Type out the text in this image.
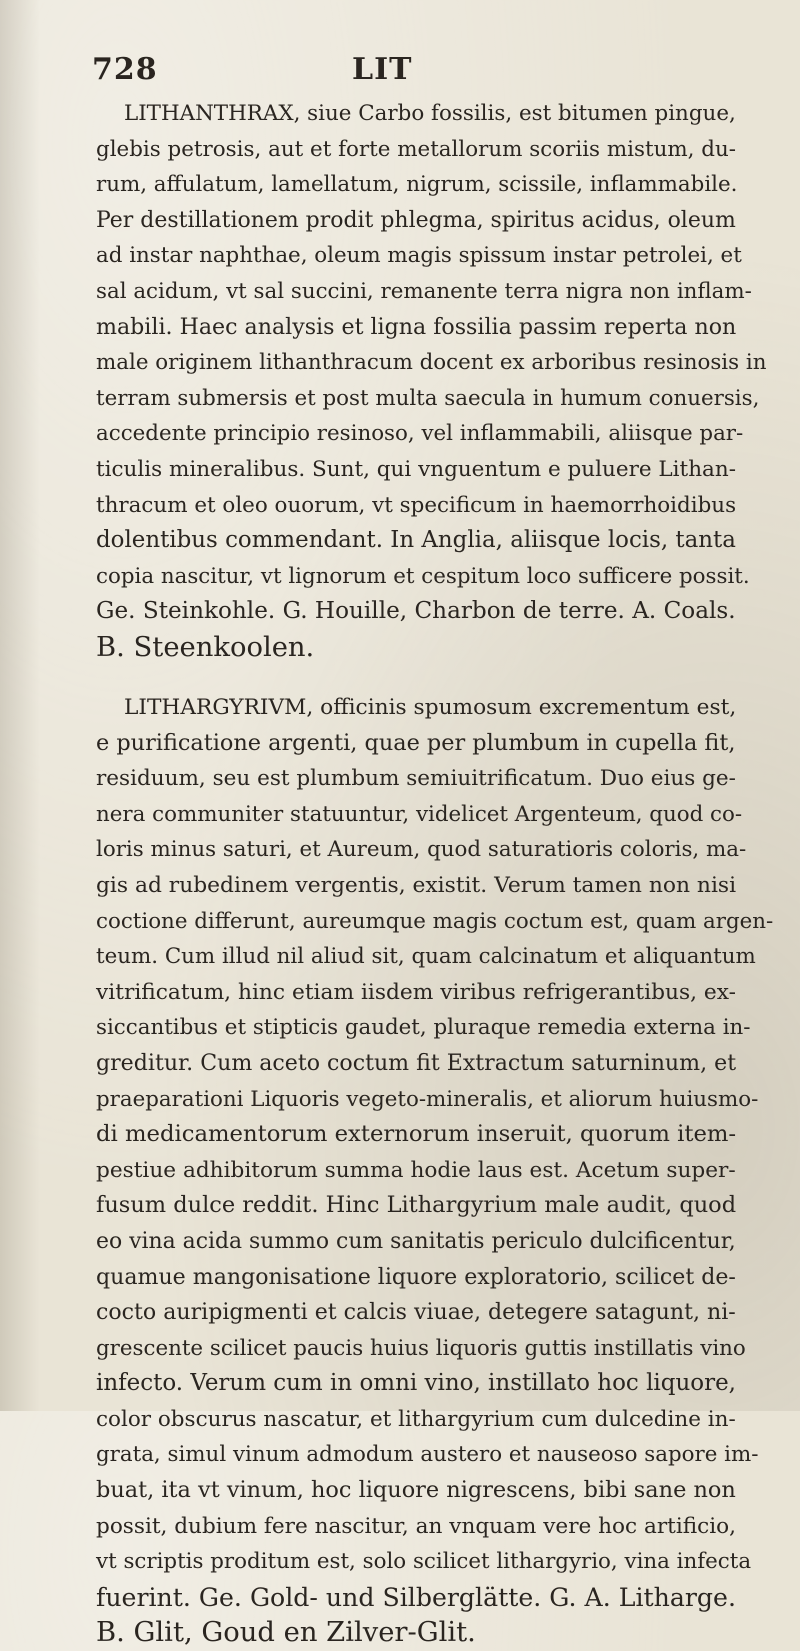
728	LIT
LITHANTHRAX, siue Carbo fossilis, est bitumen pingue,
glebis petrosis, aut et forte metallorum scoriis mistum, du-
rum, affulatum, lamellatum, nigrum, scissile, inflammabile.
Per destillationem prodit phlegma, spiritus acidus, oleum
ad instar naphthae, oleum magis spissum instar petrolei, et
sal acidum, vt sal succini, remanente terra nigra non inflam-
mabili. Haec analysis et ligna fossilia passim reperta non
male originem lithanthracum docent ex arboribus resinosis in
terram submersis et post multa saecula in humum conuersis,
accedente principio resinoso, vel inflammabili, aliisque par-
ticulis mineralibus. Sunt, qui vnguentum e puluere Lithan-
thracum et oleo ouorum, vt specificum in haemorrhoidibus
dolentibus commendant. In Anglia, aliisque locis, tanta
copia nascitur, vt lignorum et cespitum loco sufficere possit.
Ge. Steinkohle. G. Houille, Charbon de terre. A. Coals.
B. Steenkoolen.
LITHARGYRIVM, officinis spumosum excrementum est,
e purificatione argenti, quae per plumbum in cupella fit,
residuum, seu est plumbum semiuitrificatum. Duo eius ge-
nera communiter statuuntur, videlicet Argenteum, quod co-
loris minus saturi, et Aureum, quod saturatioris coloris, ma-
gis ad rubedinem vergentis, existit. Verum tamen non nisi
coctione differunt, aureumque magis coctum est, quam argen-
teum. Cum illud nil aliud sit, quam calcinatum et aliquantum
vitrificatum, hinc etiam iisdem viribus refrigerantibus, ex-
siccantibus et stipticis gaudet, pluraque remedia externa in-
greditur. Cum aceto coctum fit Extractum saturninum, et
praeparationi Liquoris vegeto-mineralis, et aliorum huiusmo-
di medicamentorum externorum inseruit, quorum item-
pestiue adhibitorum summa hodie laus est. Acetum super-
fusum dulce reddit. Hinc Lithargyrium male audit, quod
eo vina acida summo cum sanitatis periculo dulcificentur,
quamue mangonisatione liquore exploratorio, scilicet de-
cocto auripigmenti et calcis viuae, detegere satagunt, ni-
grescente scilicet paucis huius liquoris guttis instillatis vino
infecto. Verum cum in omni vino, instillato hoc liquore,
color obscurus nascatur, et lithargyrium cum dulcedine in-
grata, simul vinum admodum austero et nauseoso sapore im-
buat, ita vt vinum, hoc liquore nigrescens, bibi sane non
possit, dubium fere nascitur, an vnquam vere hoc artificio,
vt scriptis proditum est, solo scilicet lithargyrio, vina infecta
fuerint. Ge. Gold- und Silberglätte. G. A. Litharge.
B. Glit, Goud en Zilver-Glit.
